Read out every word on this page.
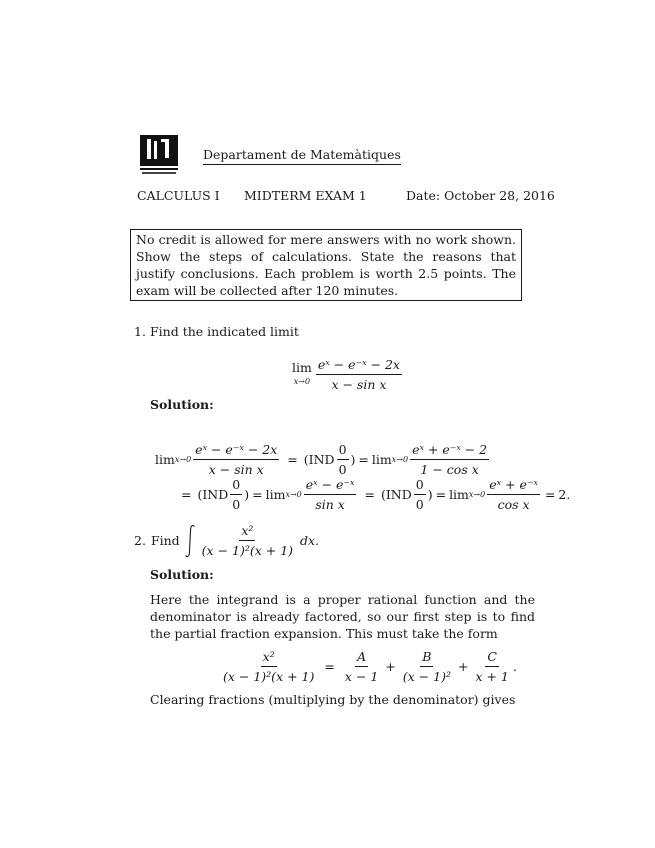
Departament de Matemàtiques
CALCULUS I MIDTERM EXAM 1	Date: October 28, 2016
No credit is allowed for mere answers with no work shown. Show the steps of calculations. State the reasons that justify conclusions. Each problem is worth 2.5 points. The exam will be collected after 120 minutes.
1. Find the indicated limit
lim
$x\to 0 \frac{\text{eˣ − e⁻ˣ − 2x}}{\text{x − sin x}}$
Solution:
$\lim x\to 0 \frac{\text{eˣ − e⁻ˣ − 2x}}{\text{x − sin x}} = (IND \frac{0}{0}$ ) = $\lim x\to 0 \frac{\text{eˣ + e⁻ˣ − 2}}{\text{1 − cos x}}$
= ($IND \frac{0}{0}$ ) = $\lim x\to 0 \frac{\text{eˣ − e⁻ˣ}}{\text{sin x}} = (IND \frac{0}{0}$ ) = $\lim x\to 0 \frac{\text{eˣ + e⁻ˣ}}{\text{cos x}} = 2$.
2. Find $\frac{\text{x²}}{\text{(x − 1)²(x + 1)}}$ dx.
Solution:
Here the integrand is a proper rational function and the denominator is already factored, so our first step is to find the partial fraction expansion. This must take the form
$\frac{\text{x²}}{\text{(x − 1)²(x + 1)}} = \frac{A}{x - 1} + \frac{B}{\text{(x − 1)²}} + \frac{C}{x + 1}$ .
Clearing fractions (multiplying by the denominator) gives
